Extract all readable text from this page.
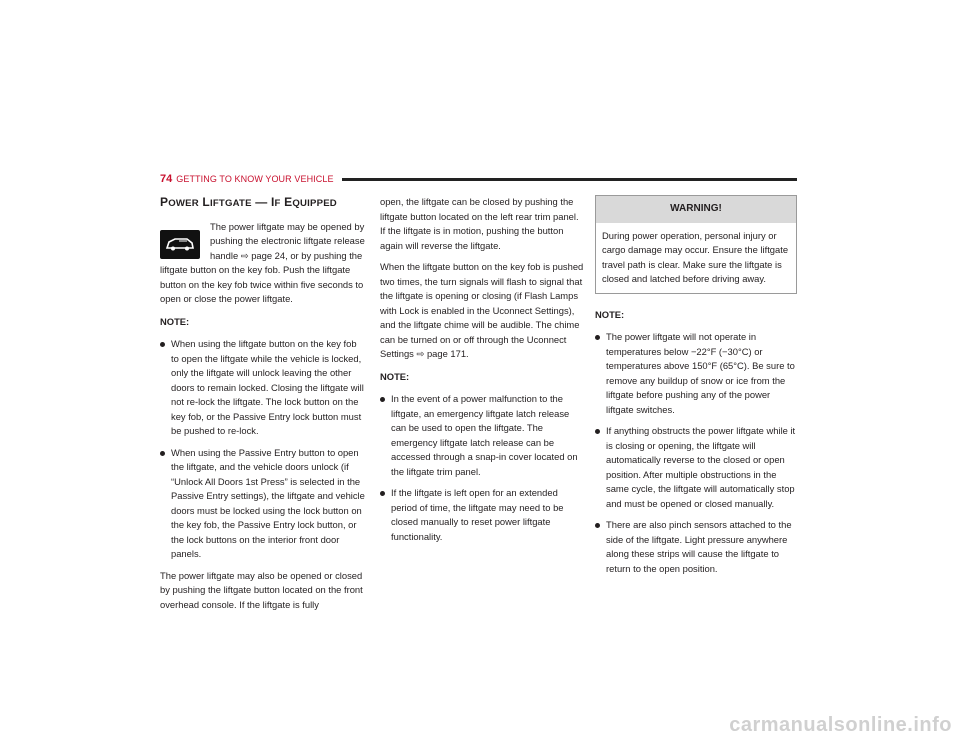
74 GETTING TO KNOW YOUR VEHICLE
POWER LIFTGATE — IF EQUIPPED

The power liftgate may be opened by pushing the electronic liftgate release handle ⇨ page 24, or by pushing the liftgate button on the key fob. Push the liftgate button on the key fob twice within five seconds to open or close the power liftgate.

NOTE:
When using the liftgate button on the key fob to open the liftgate while the vehicle is locked, only the liftgate will unlock leaving the other doors to remain locked. Closing the liftgate will not re-lock the liftgate. The lock button on the key fob, or the Passive Entry lock button must be pushed to re-lock.
When using the Passive Entry button to open the liftgate, and the vehicle doors unlock (if “Unlock All Doors 1st Press” is selected in the Passive Entry settings), the liftgate and vehicle doors must be locked using the lock button on the key fob, the Passive Entry lock button, or the lock buttons on the interior front door panels.

The power liftgate may also be opened or closed by pushing the liftgate button located on the front overhead console. If the liftgate is fully

open, the liftgate can be closed by pushing the liftgate button located on the left rear trim panel. If the liftgate is in motion, pushing the button again will reverse the liftgate.

When the liftgate button on the key fob is pushed two times, the turn signals will flash to signal that the liftgate is opening or closing (if Flash Lamps with Lock is enabled in the Uconnect Settings), and the liftgate chime will be audible. The chime can be turned on or off through the Uconnect Settings ⇨ page 171.

NOTE:
In the event of a power malfunction to the liftgate, an emergency liftgate latch release can be used to open the liftgate. The emergency liftgate latch release can be accessed through a snap-in cover located on the liftgate trim panel.
If the liftgate is left open for an extended period of time, the liftgate may need to be closed manually to reset power liftgate functionality.
WARNING!
During power operation, personal injury or cargo damage may occur. Ensure the liftgate travel path is clear. Make sure the liftgate is closed and latched before driving away.
NOTE:
The power liftgate will not operate in temperatures below −22°F (−30°C) or temperatures above 150°F (65°C). Be sure to remove any buildup of snow or ice from the liftgate before pushing any of the power liftgate switches.
If anything obstructs the power liftgate while it is closing or opening, the liftgate will automatically reverse to the closed or open position. After multiple obstructions in the same cycle, the liftgate will automatically stop and must be opened or closed manually.
There are also pinch sensors attached to the side of the liftgate. Light pressure anywhere along these strips will cause the liftgate to return to the open position.
carmanualsonline.info
